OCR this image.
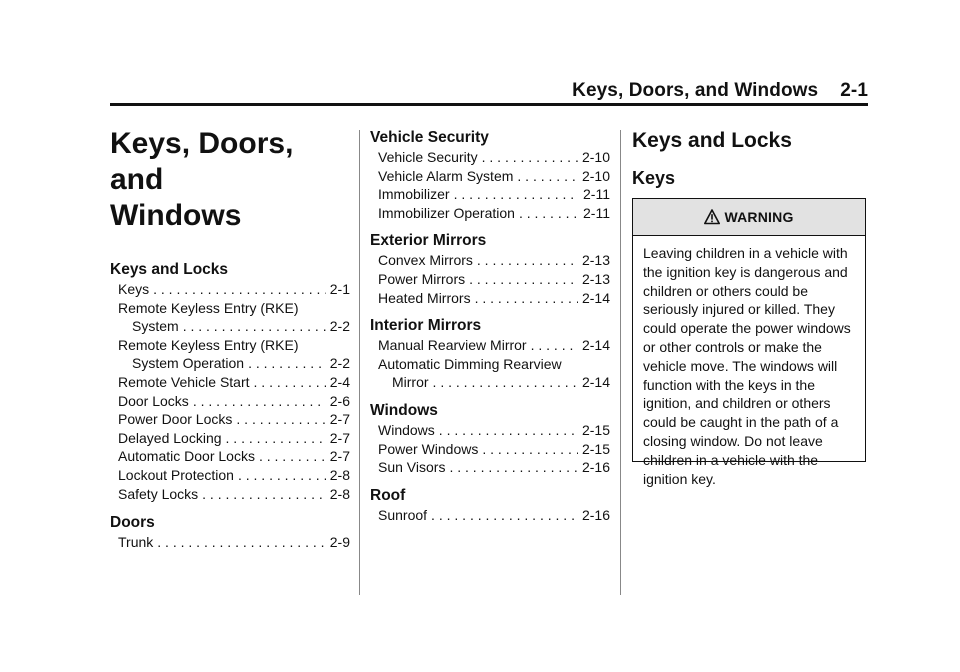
Keys, Doors, and Windows 2-1
Keys, Doors, and
Windows
Keys and Locks
Keys . . .	2-1
Remote Keyless Entry (RKE)
System . . .	2-2
Remote Keyless Entry (RKE)
System Operation . . .	2-2
Remote Vehicle Start . . .	2-4
Door Locks . . .	2-6
Power Door Locks . . .	2-7
Delayed Locking . . .	2-7
Automatic Door Locks . . .	2-7
Lockout Protection . . .	2-8
Safety Locks . . .	2-8
Doors
Trunk . . .	2-9
Vehicle Security
Vehicle Security . . .	2-10
Vehicle Alarm System . . .	2-10
Immobilizer . . .	2-11
Immobilizer Operation . . .	2-11
Exterior Mirrors
Convex Mirrors . . .	2-13
Power Mirrors . . .	2-13
Heated Mirrors . . .	2-14
Interior Mirrors
Manual Rearview Mirror . . .	2-14
Automatic Dimming Rearview
Mirror . . .	2-14
Windows
Windows . . .	2-15
Power Windows . . .	2-15
Sun Visors . . .	2-16
Roof
Sunroof . . .	2-16
Keys and Locks
Keys
WARNING
Leaving children in a vehicle with
the ignition key is dangerous and
children or others could be
seriously injured or killed. They
could operate the power windows
or other controls or make the
vehicle move. The windows will
function with the keys in the
ignition, and children or others
could be caught in the path of a
closing window. Do not leave
children in a vehicle with the
ignition key.
